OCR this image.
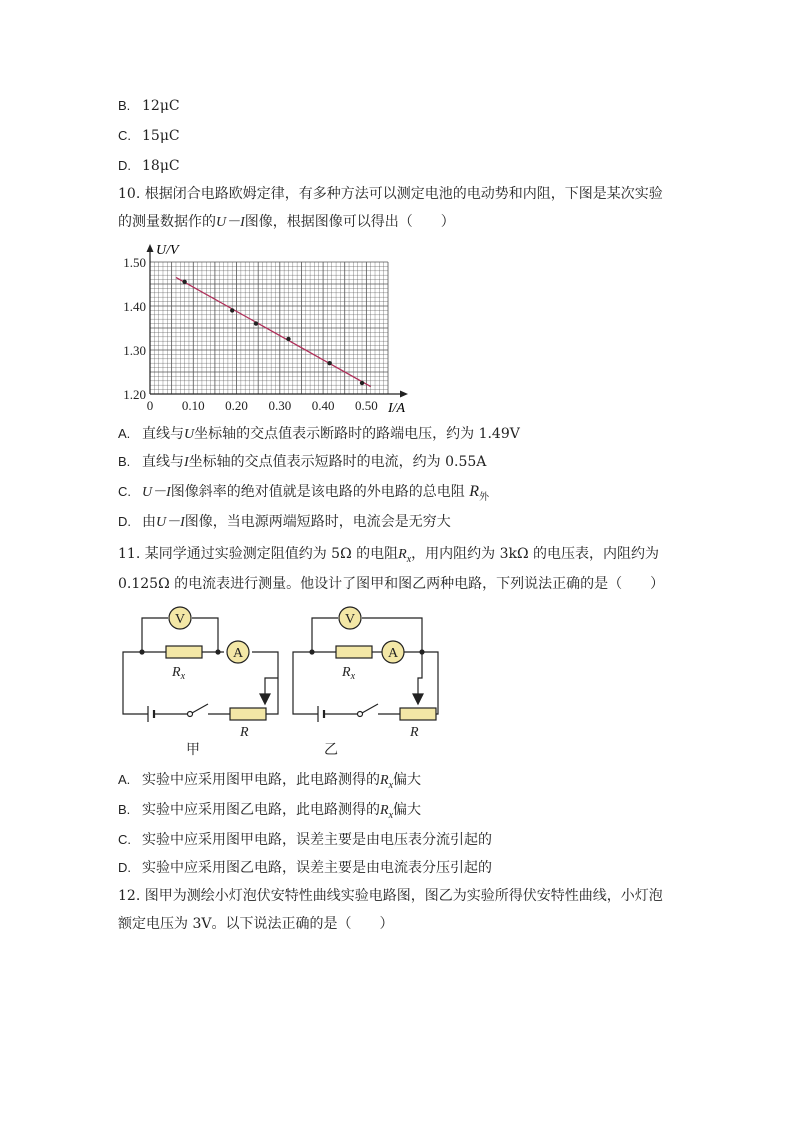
B. 12μC
C. 15μC
D. 18μC
10. 根据闭合电路欧姆定律，有多种方法可以测定电池的电动势和内阻，下图是某次实验
的测量数据作的U－I图像，根据图像可以得出（　　）
0 0.10 0.20 0.30 0.40 0.50
1.20
1.30
1.40
1.50
U/V
I/A
A. 直线与U坐标轴的交点值表示断路时的路端电压，约为 1.49V
B. 直线与I坐标轴的交点值表示短路时的电流，约为 0.55A
C. U－I图像斜率的绝对值就是该电路的外电路的总电阻 $R_外$
D. 由U－I图像，当电源两端短路时，电流会是无穷大
11. 某同学通过实验测定阻值约为 5Ω 的电阻$R_x$，用内阻约为 3kΩ 的电压表，内阻约为
0.125Ω 的电流表进行测量。他设计了图甲和图乙两种电路，下列说法正确的是（　　）
V
A
$R_x$
R
甲
V
A
$R_x$
R
乙
A. 实验中应采用图甲电路，此电路测得的$R_x$偏大
B. 实验中应采用图乙电路，此电路测得的$R_x$偏大
C. 实验中应采用图甲电路，误差主要是由电压表分流引起的
D. 实验中应采用图乙电路，误差主要是由电流表分压引起的
12. 图甲为测绘小灯泡伏安特性曲线实验电路图，图乙为实验所得伏安特性曲线，小灯泡
额定电压为 3V。以下说法正确的是（　　）
